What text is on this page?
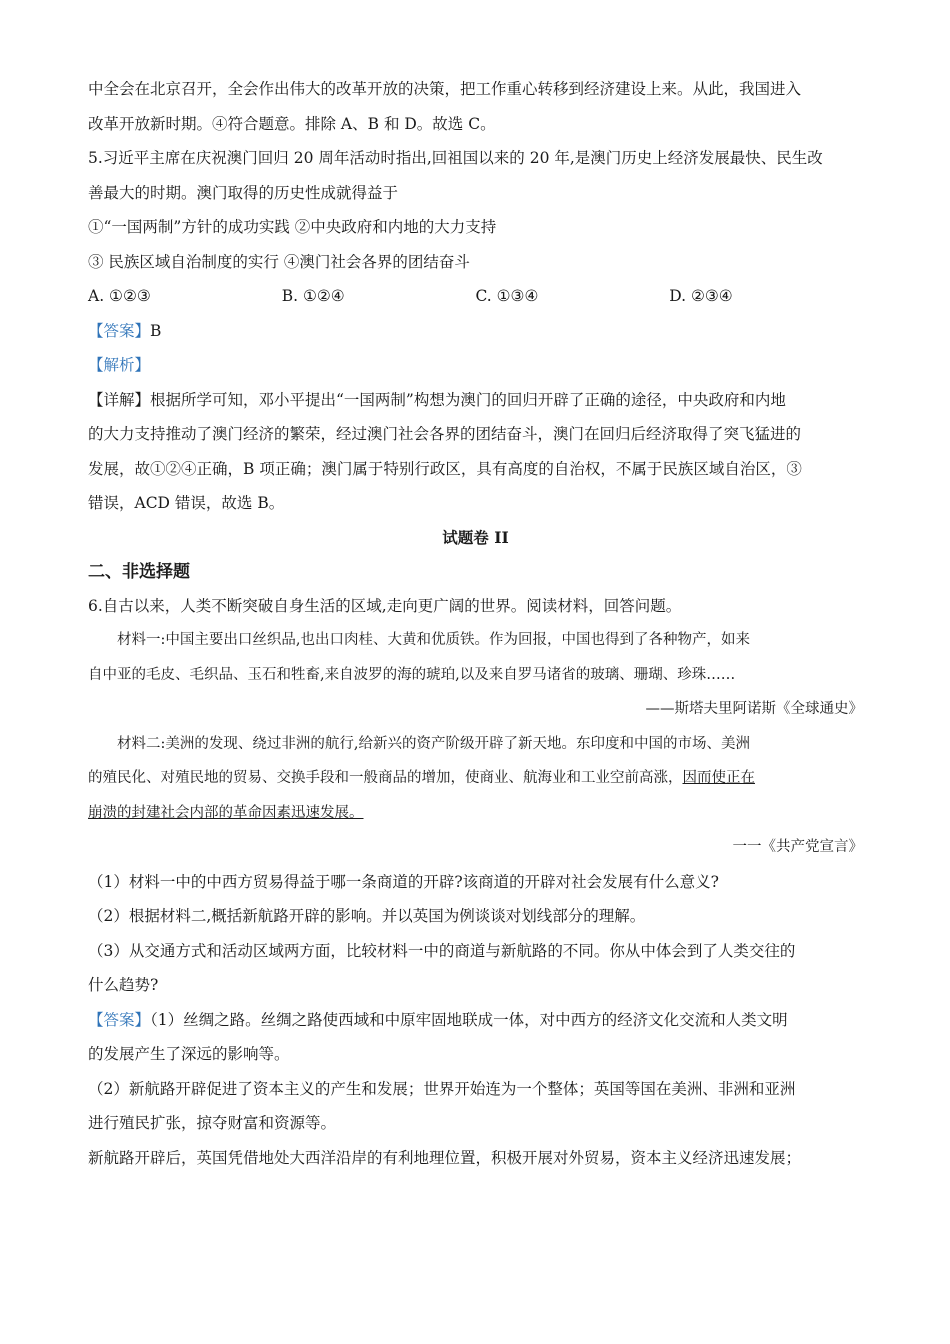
中全会在北京召开，全会作出伟大的改革开放的决策，把工作重心转移到经济建设上来。从此，我国进入

改革开放新时期。④符合题意。排除 A、B 和 D。故选 C。

5.习近平主席在庆祝澳门回归 20 周年活动时指出,回祖国以来的 20 年,是澳门历史上经济发展最快、民生改

善最大的时期。澳门取得的历史性成就得益于

①“一国两制”方针的成功实践 ②中央政府和内地的大力支持

③ 民族区域自治制度的实行 ④澳门社会各界的团结奋斗

A. ①②③	B. ①②④	C. ①③④	D. ②③④

【答案】B

【解析】

【详解】根据所学可知，邓小平提出“一国两制”构想为澳门的回归开辟了正确的途径，中央政府和内地

的大力支持推动了澳门经济的繁荣，经过澳门社会各界的团结奋斗，澳门在回归后经济取得了突飞猛进的

发展，故①②④正确，B 项正确；澳门属于特别行政区，具有高度的自治权，不属于民族区域自治区，③

错误，ACD 错误，故选 B。

试题卷 II

二、非选择题

6.自古以来，人类不断突破自身生活的区域,走向更广阔的世界。阅读材料，回答问题。

材料一:中国主要出口丝织品,也出口肉桂、大黄和优质铁。作为回报，中国也得到了各种物产，如来

自中亚的毛皮、毛织品、玉石和牲畜,来自波罗的海的琥珀,以及来自罗马诸省的玻璃、珊瑚、珍珠……

——斯塔夫里阿诺斯《全球通史》

材料二:美洲的发现、绕过非洲的航行,给新兴的资产阶级开辟了新天地。东印度和中国的市场、美洲

的殖民化、对殖民地的贸易、交换手段和一般商品的增加，使商业、航海业和工业空前高涨，因而使正在

崩溃的封建社会内部的革命因素迅速发展。

一一《共产党宣言》

（1）材料一中的中西方贸易得益于哪一条商道的开辟?该商道的开辟对社会发展有什么意义?

（2）根据材料二,概括新航路开辟的影响。并以英国为例谈谈对划线部分的理解。

（3）从交通方式和活动区域两方面，比较材料一中的商道与新航路的不同。你从中体会到了人类交往的

什么趋势?

【答案】（1）丝绸之路。丝绸之路使西域和中原牢固地联成一体，对中西方的经济文化交流和人类文明

的发展产生了深远的影响等。

（2）新航路开辟促进了资本主义的产生和发展；世界开始连为一个整体；英国等国在美洲、非洲和亚洲

进行殖民扩张，掠夺财富和资源等。

新航路开辟后，英国凭借地处大西洋沿岸的有利地理位置，积极开展对外贸易，资本主义经济迅速发展；
